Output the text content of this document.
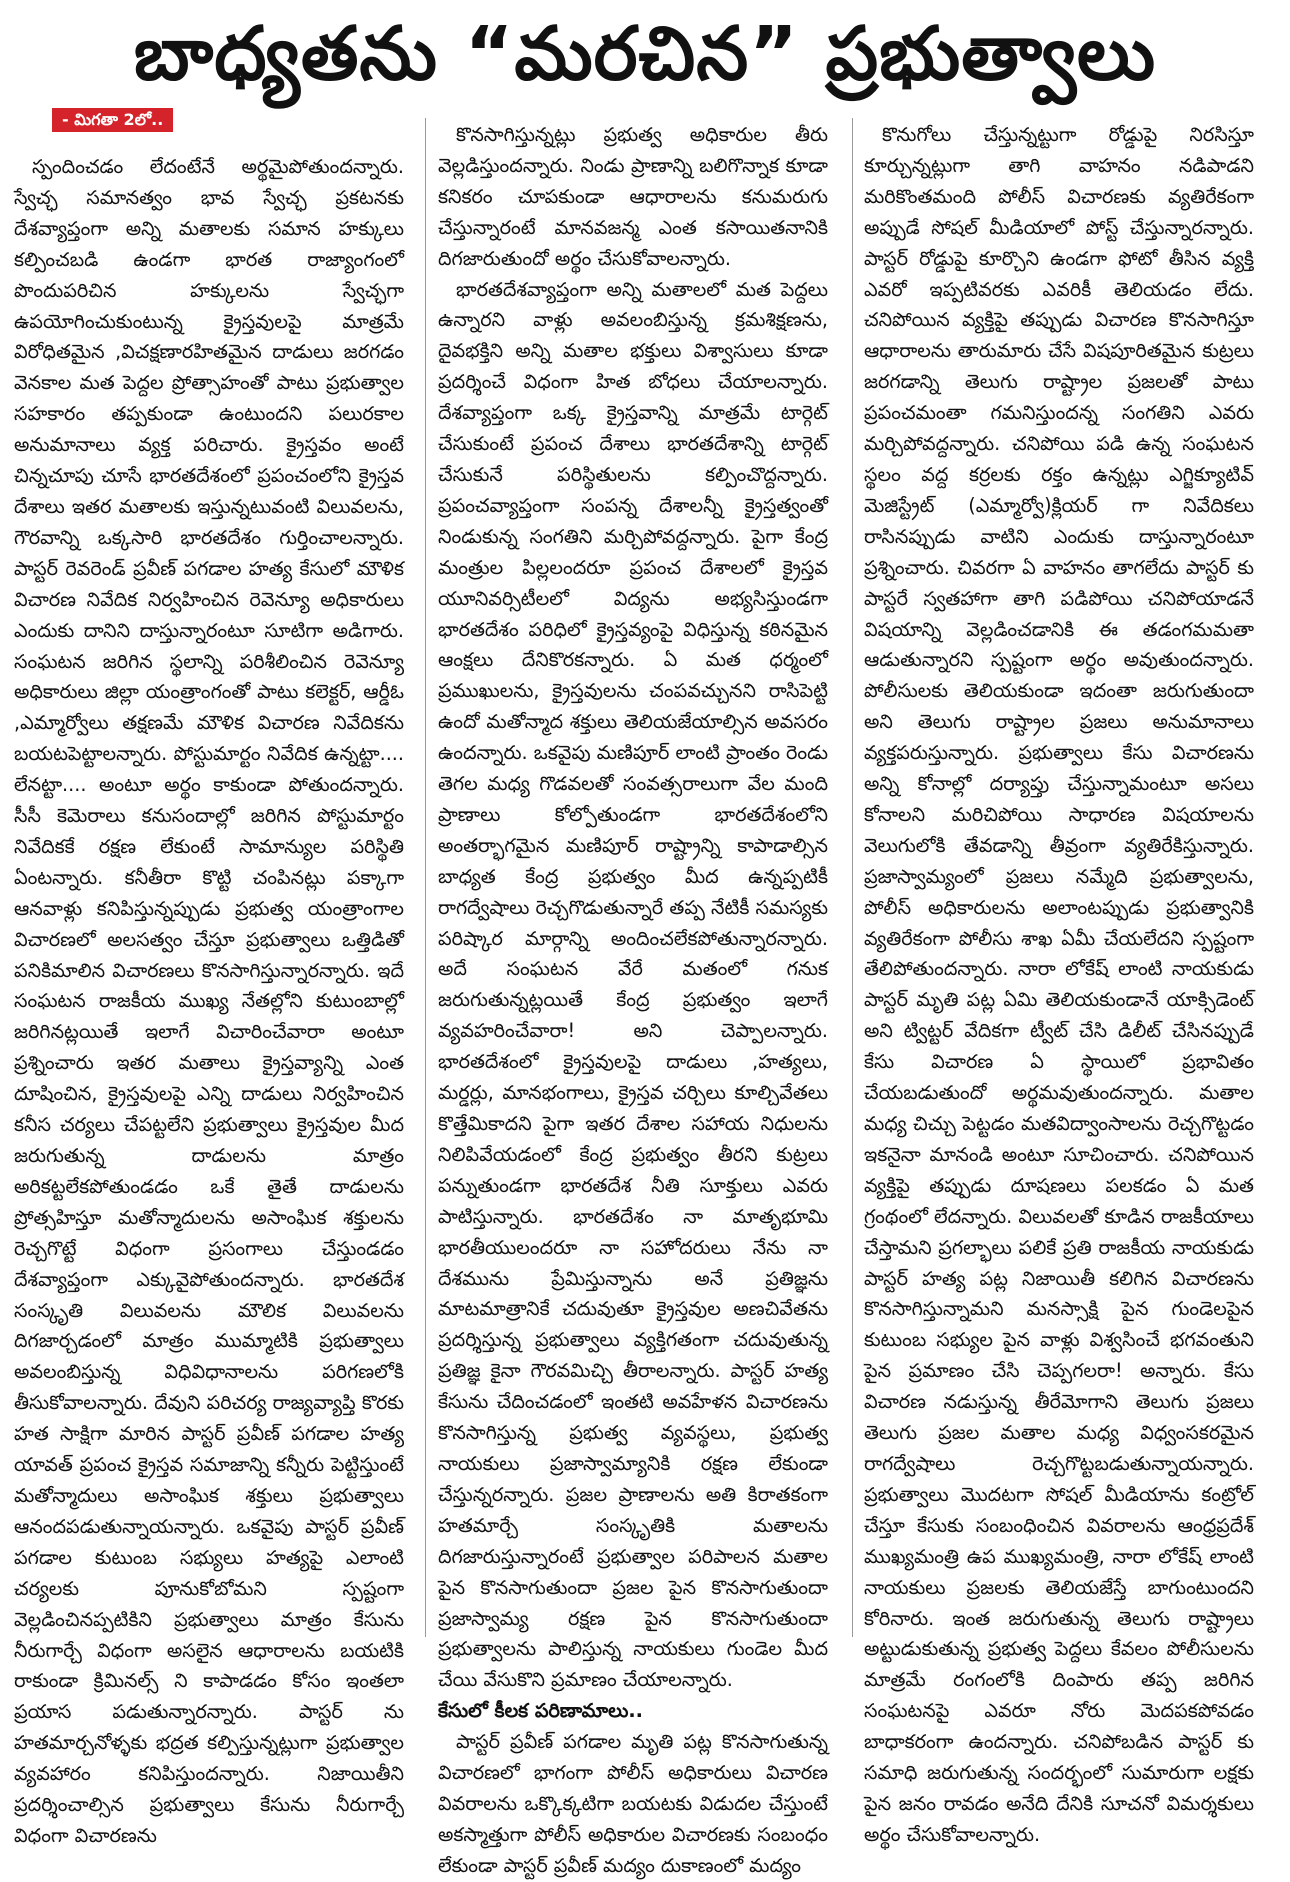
బాధ్యతను “మరచిన” ప్రభుత్వాలు
- మిగతా 2లో..

స్పందించడం లేదంటేనే అర్థమైపోతుందన్నారు. స్వేచ్ఛ సమానత్వం భావ స్వేచ్ఛ ప్రకటనకు దేశవ్యాప్తంగా అన్ని మతాలకు సమాన హక్కులు కల్పించబడి ఉండగా భారత రాజ్యాంగంలో పొందుపరిచిన హక్కులను స్వేచ్ఛగా ఉపయోగించుకుంటున్న క్రైస్తవులపై మాత్రమే విరోధితమైన ,విచక్షణారహితమైన దాడులు జరగడం వెనకాల మత పెద్దల ప్రోత్సాహంతో పాటు ప్రభుత్వాల సహకారం తప్పకుండా ఉంటుందని పలురకాల అనుమానాలు వ్యక్త పరిచారు. క్రైస్తవం అంటే చిన్నచూపు చూసే భారతదేశంలో ప్రపంచంలోని క్రైస్తవ దేశాలు ఇతర మతాలకు ఇస్తున్నటువంటి విలువలను, గౌరవాన్ని ఒక్కసారి భారతదేశం గుర్తించాలన్నారు. పాస్టర్ రెవరెండ్ ప్రవీణ్ పగడాల హత్య కేసులో మౌళిక విచారణ నివేదిక నిర్వహించిన రెవెన్యూ అధికారులు ఎందుకు దానిని దాస్తున్నారంటూ సూటిగా అడిగారు. సంఘటన జరిగిన స్థలాన్ని పరిశీలించిన రెవెన్యూ అధికారులు జిల్లా యంత్రాంగంతో పాటు కలెక్టర్, ఆర్డీఓ ,ఎమ్మార్వోలు తక్షణమే మౌళిక విచారణ నివేదికను బయటపెట్టాలన్నారు. పోస్టుమార్టం నివేదిక ఉన్నట్టా.... లేనట్టా.... అంటూ అర్థం కాకుండా పోతుందన్నారు. సీసీ కెమెరాలు కనుసందాల్లో జరిగిన పోస్టుమార్టం నివేదికకే రక్షణ లేకుంటే సామాన్యుల పరిస్థితి ఏంటన్నారు. కనీతీరా కొట్టి చంపినట్లు పక్కాగా ఆనవాళ్లు కనిపిస్తున్నప్పుడు ప్రభుత్వ యంత్రాంగాల విచారణలో అలసత్వం చేస్తూ ప్రభుత్వాలు ఒత్తిడితో పనికిమాలిన విచారణలు కొనసాగిస్తున్నారన్నారు. ఇదే సంఘటన రాజకీయ ముఖ్య నేతల్లోని కుటుంబాల్లో జరిగినట్లయితే ఇలాగే విచారించేవారా అంటూ ప్రశ్నించారు ఇతర మతాలు క్రైస్తవ్యాన్ని ఎంత దూషించిన, క్రైస్తవులపై ఎన్ని దాడులు నిర్వహించిన కనీస చర్యలు చేపట్టలేని ప్రభుత్వాలు క్రైస్తవుల మీద జరుగుతున్న దాడులను మాత్రం అరికట్టలేకపోతుండడం ఒకే తైతే దాడులను ప్రోత్సహిస్తూ మతోన్మాదులను అసాంఘిక శక్తులను రెచ్చగొట్టే విధంగా ప్రసంగాలు చేస్తుండడం దేశవ్యాప్తంగా ఎక్కువైపోతుందన్నారు. భారతదేశ సంస్కృతి విలువలను మౌలిక విలువలను దిగజార్చడంలో మాత్రం ముమ్మాటికి ప్రభుత్వాలు అవలంబిస్తున్న విధివిధానాలను పరిగణలోకి తీసుకోవాలన్నారు. దేవుని పరిచర్య రాజ్యవ్యాప్తి కొరకు హత సాక్షిగా మారిన పాస్టర్ ప్రవీణ్ పగడాల హత్య యావత్ ప్రపంచ క్రైస్తవ సమాజాన్ని కన్నీరు పెట్టిస్తుంటే మతోన్మాదులు అసాంఘిక శక్తులు ప్రభుత్వాలు ఆనందపడుతున్నాయన్నారు. ఒకవైపు పాస్టర్ ప్రవీణ్ పగడాల కుటుంబ సభ్యులు హత్యపై ఎలాంటి చర్యలకు పూనుకోబోమని స్పష్టంగా వెల్లడించినప్పటికిని ప్రభుత్వాలు మాత్రం కేసును నీరుగార్చే విధంగా అసలైన ఆధారాలను బయటికి రాకుండా క్రిమినల్స్ ని కాపాడడం కోసం ఇంతలా ప్రయాస పడుతున్నారన్నారు. పాస్టర్ ను హతమార్చనోళ్ళకు భద్రత కల్పిస్తున్నట్లుగా ప్రభుత్వాల వ్యవహారం కనిపిస్తుందన్నారు. నిజాయితీని ప్రదర్శించాల్సిన ప్రభుత్వాలు కేసును నీరుగార్చే విధంగా విచారణను

కొనసాగిస్తున్నట్లు ప్రభుత్వ అధికారుల తీరు వెల్లడిస్తుందన్నారు. నిండు ప్రాణాన్ని బలిగొన్నాక కూడా కనికరం చూపకుండా ఆధారాలను కనుమరుగు చేస్తున్నారంటే మానవజన్మ ఎంత కసాయితనానికి దిగజారుతుందో అర్థం చేసుకోవాలన్నారు.

భారతదేశవ్యాప్తంగా అన్ని మతాలలో మత పెద్దలు ఉన్నారని వాళ్లు అవలంబిస్తున్న క్రమశిక్షణను, దైవభక్తిని అన్ని మతాల భక్తులు విశ్వాసులు కూడా ప్రదర్శించే విధంగా హిత బోధలు చేయాలన్నారు. దేశవ్యాప్తంగా ఒక్క క్రైస్తవాన్ని మాత్రమే టార్గెట్ చేసుకుంటే ప్రపంచ దేశాలు భారతదేశాన్ని టార్గెట్ చేసుకునే పరిస్థితులను కల్పించొద్దన్నారు. ప్రపంచవ్యాప్తంగా సంపన్న దేశాలన్నీ క్రైస్తత్వంతో నిండుకున్న సంగతిని మర్చిపోవద్దన్నారు. పైగా కేంద్ర మంత్రుల పిల్లలందరూ ప్రపంచ దేశాలలో క్రైస్తవ యూనివర్సిటీలలో విద్యను అభ్యసిస్తుండగా భారతదేశం పరిధిలో క్రైస్తవ్యంపై విధిస్తున్న కఠినమైన ఆంక్షలు దేనికొరకన్నారు. ఏ మత ధర్మంలో ప్రముఖులను, క్రైస్తవులను చంపవచ్చునని రాసిపెట్టి ఉందో మతోన్మాద శక్తులు తెలియజేయాల్సిన అవసరం ఉందన్నారు. ఒకవైపు మణిపూర్ లాంటి ప్రాంతం రెండు తెగల మధ్య గొడవలతో సంవత్సరాలుగా వేల మంది ప్రాణాలు కోల్పోతుండగా భారతదేశంలోని అంతర్భాగమైన మణిపూర్ రాష్ట్రాన్ని కాపాడాల్సిన బాధ్యత కేంద్ర ప్రభుత్వం మీద ఉన్నప్పటికీ రాగద్వేషాలు రెచ్చగొడుతున్నారే తప్ప నేటికీ సమస్యకు పరిష్కార మార్గాన్ని అందించలేకపోతున్నారన్నారు. అదే సంఘటన వేరే మతంలో గనుక జరుగుతున్నట్లయితే కేంద్ర ప్రభుత్వం ఇలాగే వ్యవహరించేవారా! అని చెప్పాలన్నారు. భారతదేశంలో క్రైస్తవులపై దాడులు ,హత్యలు, మర్డర్లు, మానభంగాలు, క్రైస్తవ చర్చిలు కూల్చివేతలు కొత్తేమికాదని పైగా ఇతర దేశాల సహాయ నిధులను నిలిపివేయడంలో కేంద్ర ప్రభుత్వం తీరని కుట్రలు పన్నుతుండగా భారతదేశ నీతి సూక్తులు ఎవరు పాటిస్తున్నారు. భారతదేశం నా మాతృభూమి భారతీయులందరూ నా సహోదరులు నేను నా దేశమును ప్రేమిస్తున్నాను అనే ప్రతిజ్ఞను మాటమాత్రానికే చదువుతూ క్రైస్తవుల అణచివేతను ప్రదర్శిస్తున్న ప్రభుత్వాలు వ్యక్తిగతంగా చదువుతున్న ప్రతిజ్ఞ కైనా గౌరవమిచ్చి తీరాలన్నారు. పాస్టర్ హత్య కేసును చేదించడంలో ఇంతటి అవహేళన విచారణను కొనసాగిస్తున్న ప్రభుత్వ వ్యవస్థలు, ప్రభుత్వ నాయకులు ప్రజాస్వామ్యానికి రక్షణ లేకుండా చేస్తున్నరన్నారు. ప్రజల ప్రాణాలను అతి కిరాతకంగా హతమార్చే సంస్కృతికి మతాలను దిగజారుస్తున్నారంటే ప్రభుత్వాల పరిపాలన మతాల పైన కొనసాగుతుందా ప్రజల పైన కొనసాగుతుందా ప్రజాస్వామ్య రక్షణ పైన కొనసాగుతుందా ప్రభుత్వాలను పాలిస్తున్న నాయకులు గుండెల మీద చేయి వేసుకొని ప్రమాణం చేయాలన్నారు.

కేసులో కీలక పరిణామాలు..

పాస్టర్ ప్రవీణ్ పగడాల మృతి పట్ల కొనసాగుతున్న విచారణలో భాగంగా పోలీస్ అధికారులు విచారణ వివరాలను ఒక్కొక్కటిగా బయటకు విడుదల చేస్తుంటే అకస్మాత్తుగా పోలీస్ అధికారుల విచారణకు సంబంధం లేకుండా పాస్టర్ ప్రవీణ్ మద్యం దుకాణంలో మద్యం

కొనుగోలు చేస్తున్నట్టుగా రోడ్డుపై నిరసిస్తూ కూర్చున్నట్లుగా తాగి వాహనం నడిపాడని మరికొంతమంది పోలీస్ విచారణకు వ్యతిరేకంగా అప్పుడే సోషల్ మీడియాలో పోస్ట్ చేస్తున్నారన్నారు. పాస్టర్ రోడ్డుపై కూర్చొని ఉండగా ఫోటో తీసిన వ్యక్తి ఎవరో ఇప్పటివరకు ఎవరికీ తెలియడం లేదు. చనిపోయిన వ్యక్తిపై తప్పుడు విచారణ కొనసాగిస్తూ ఆధారాలను తారుమారు చేసే విషపూరితమైన కుట్రలు జరగడాన్ని తెలుగు రాష్ట్రాల ప్రజలతో పాటు ప్రపంచమంతా గమనిస్తుందన్న సంగతిని ఎవరు మర్చిపోవద్దన్నారు. చనిపోయి పడి ఉన్న సంఘటన స్థలం వద్ద కర్రలకు రక్తం ఉన్నట్లు ఎగ్జిక్యూటివ్ మెజిస్ట్రేట్ (ఎమ్మార్వో)క్లియర్ గా నివేదికలు రాసినప్పుడు వాటిని ఎందుకు దాస్తున్నారంటూ ప్రశ్నించారు. చివరగా ఏ వాహనం తాగలేదు పాస్టర్ కు పాస్టరే స్వతహాగా తాగి పడిపోయి చనిపోయాడనే విషయాన్ని వెల్లడించడానికి ఈ తడంగమమతా ఆడుతున్నారని స్పష్టంగా అర్థం అవుతుందన్నారు. పోలీసులకు తెలియకుండా ఇదంతా జరుగుతుందా అని తెలుగు రాష్ట్రాల ప్రజలు అనుమానాలు వ్యక్తపరుస్తున్నారు. ప్రభుత్వాలు కేసు విచారణను అన్ని కోనాల్లో దర్యాప్తు చేస్తున్నామంటూ అసలు కోనాలని మరిచిపోయి సాధారణ విషయాలను వెలుగులోకి తేవడాన్ని తీవ్రంగా వ్యతిరేకిస్తున్నారు. ప్రజాస్వామ్యంలో ప్రజలు నమ్మేది ప్రభుత్వాలను, పోలీస్ అధికారులను అలాంటప్పుడు ప్రభుత్వానికి వ్యతిరేకంగా పోలీసు శాఖ ఏమీ చేయలేదని స్పష్టంగా తేలిపోతుందన్నారు. నారా లోకేష్ లాంటి నాయకుడు పాస్టర్ మృతి పట్ల ఏమి తెలియకుండానే యాక్సిడెంట్ అని ట్విట్టర్ వేదికగా ట్వీట్ చేసి డిలీట్ చేసినప్పుడే కేసు విచారణ ఏ స్థాయిలో ప్రభావితం చేయబడుతుందో అర్థమవుతుందన్నారు. మతాల మధ్య చిచ్చు పెట్టడం మతవిద్వాంసాలను రెచ్చగొట్టడం ఇకనైనా మానండి అంటూ సూచించారు. చనిపోయిన వ్యక్తిపై తప్పుడు దూషణలు పలకడం ఏ మత గ్రంథంలో లేదన్నారు. విలువలతో కూడిన రాజకీయాలు చేస్తామని ప్రగల్భాలు పలికే ప్రతి రాజకీయ నాయకుడు పాస్టర్ హత్య పట్ల నిజాయితీ కలిగిన విచారణను కొనసాగిస్తున్నామని మనస్సాక్షి పైన గుండెలపైన కుటుంబ సభ్యుల పైన వాళ్లు విశ్వసించే భగవంతుని పైన ప్రమాణం చేసి చెప్పగలరా! అన్నారు. కేసు విచారణ నడుస్తున్న తీరేమోగాని తెలుగు ప్రజలు తెలుగు ప్రజల మతాల మధ్య విధ్వంసకరమైన రాగద్వేషాలు రెచ్చగొట్టబడుతున్నాయన్నారు. ప్రభుత్వాలు మొదటగా సోషల్ మీడియాను కంట్రోల్ చేస్తూ కేసుకు సంబంధించిన వివరాలను ఆంధ్రప్రదేశ్ ముఖ్యమంత్రి ఉప ముఖ్యమంత్రి, నారా లోకేష్ లాంటి నాయకులు ప్రజలకు తెలియజేస్తే బాగుంటుందని కోరినారు. ఇంత జరుగుతున్న తెలుగు రాష్ట్రాలు అట్టుడుకుతున్న ప్రభుత్వ పెద్దలు కేవలం పోలీసులను మాత్రమే రంగంలోకి దింపారు తప్ప జరిగిన సంఘటనపై ఎవరూ నోరు మెదపకపోవడం బాధాకరంగా ఉందన్నారు. చనిపోబడిన పాస్టర్ కు సమాధి జరుగుతున్న సందర్భంలో సుమారుగా లక్షకు పైన జనం రావడం అనేది దేనికి సూచనో విమర్శకులు అర్థం చేసుకోవాలన్నారు.
